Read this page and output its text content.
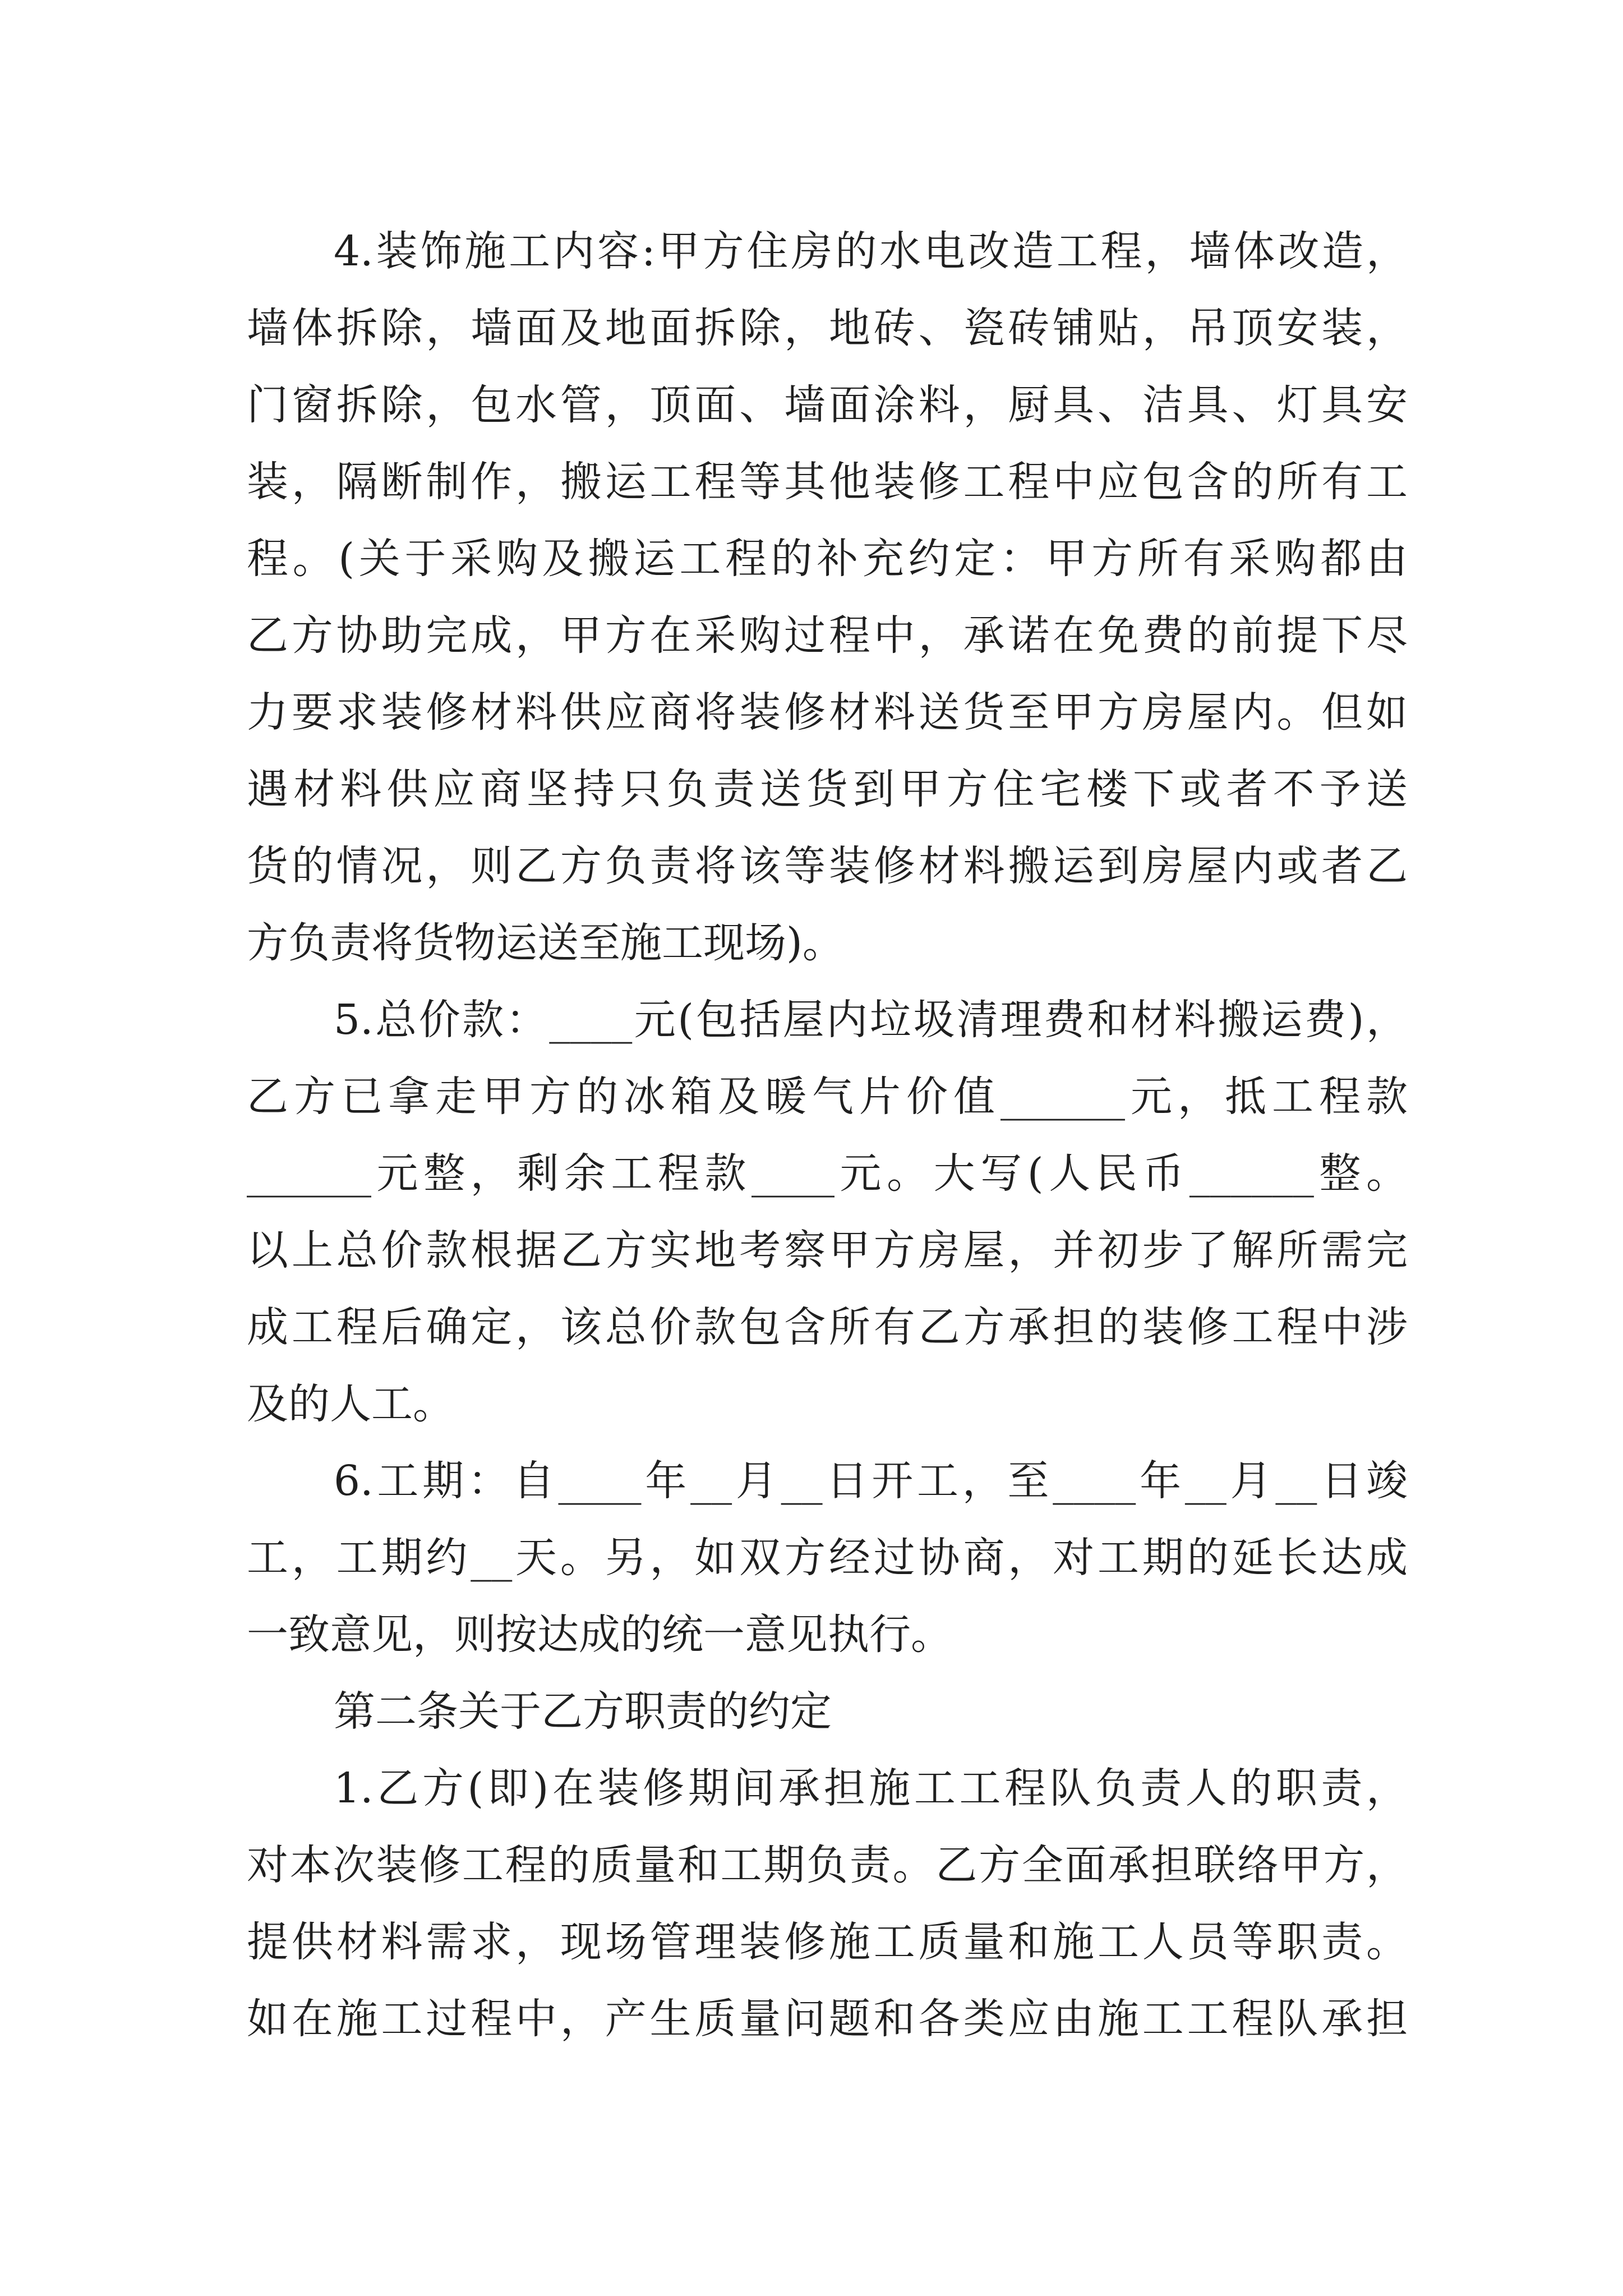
4.装饰施工内容:甲方住房的水电改造工程，墙体改造，
墙体拆除，墙面及地面拆除，地砖、瓷砖铺贴，吊顶安装，
门窗拆除，包水管，顶面、墙面涂料，厨具、洁具、灯具安
装，隔断制作，搬运工程等其他装修工程中应包含的所有工
程。(关于采购及搬运工程的补充约定：甲方所有采购都由
乙方协助完成，甲方在采购过程中，承诺在免费的前提下尽
力要求装修材料供应商将装修材料送货至甲方房屋内。但如
遇材料供应商坚持只负责送货到甲方住宅楼下或者不予送
货的情况，则乙方负责将该等装修材料搬运到房屋内或者乙
方负责将货物运送至施工现场)。
5.总价款：____元(包括屋内垃圾清理费和材料搬运费)，
乙方已拿走甲方的冰箱及暖气片价值______元，抵工程款
______元整，剩余工程款____元。大写(人民币______整。
以上总价款根据乙方实地考察甲方房屋，并初步了解所需完
成工程后确定，该总价款包含所有乙方承担的装修工程中涉
及的人工。
6.工期：自____年__月__日开工，至____年__月__日竣
工，工期约__天。另，如双方经过协商，对工期的延长达成
一致意见，则按达成的统一意见执行。
第二条关于乙方职责的约定
1.乙方(即)在装修期间承担施工工程队负责人的职责，
对本次装修工程的质量和工期负责。乙方全面承担联络甲方，
提供材料需求，现场管理装修施工质量和施工人员等职责。
如在施工过程中，产生质量问题和各类应由施工工程队承担
